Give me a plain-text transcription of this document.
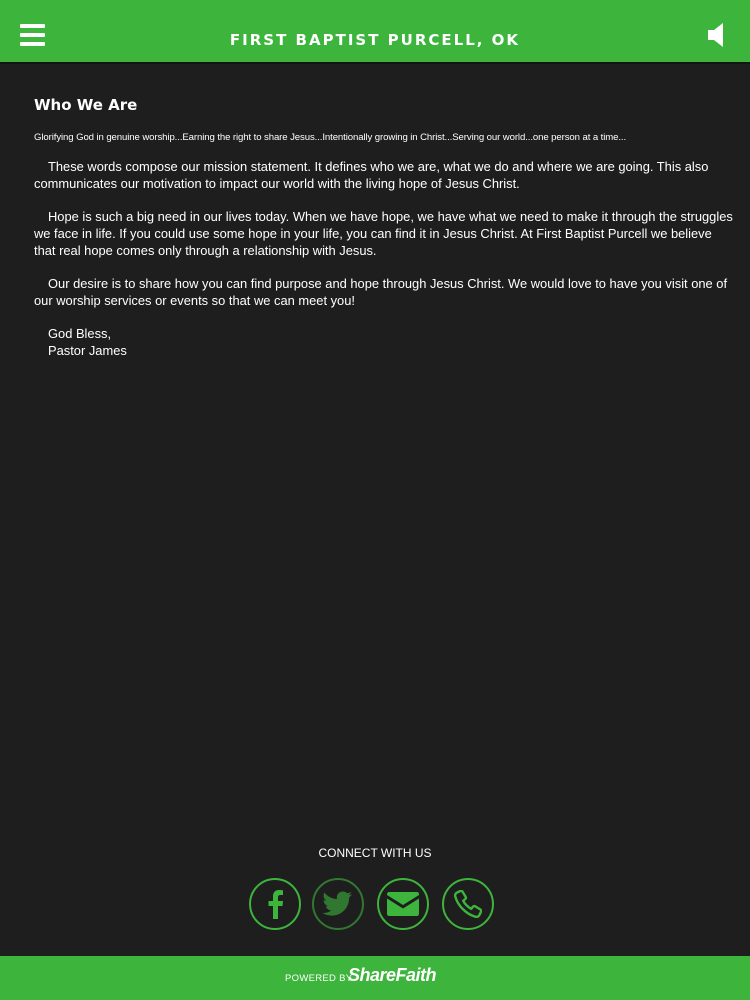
FIRST BAPTIST PURCELL, OK
Who We Are

Glorifying God in genuine worship...Earning the right to share Jesus...Intentionally growing in Christ...Serving our world...one person at a time...

These words compose our mission statement. It defines who we are, what we do and where we are going. This also communicates our motivation to impact our world with the living hope of Jesus Christ.

Hope is such a big need in our lives today. When we have hope, we have what we need to make it through the struggles we face in life. If you could use some hope in your life, you can find it in Jesus Christ. At First Baptist Purcell we believe that real hope comes only through a relationship with Jesus.

Our desire is to share how you can find purpose and hope through Jesus Christ. We would love to have you visit one of our worship services or events so that we can meet you!

God Bless,

Pastor James

CONNECT WITH US
POWERED BY
ShareFaith
